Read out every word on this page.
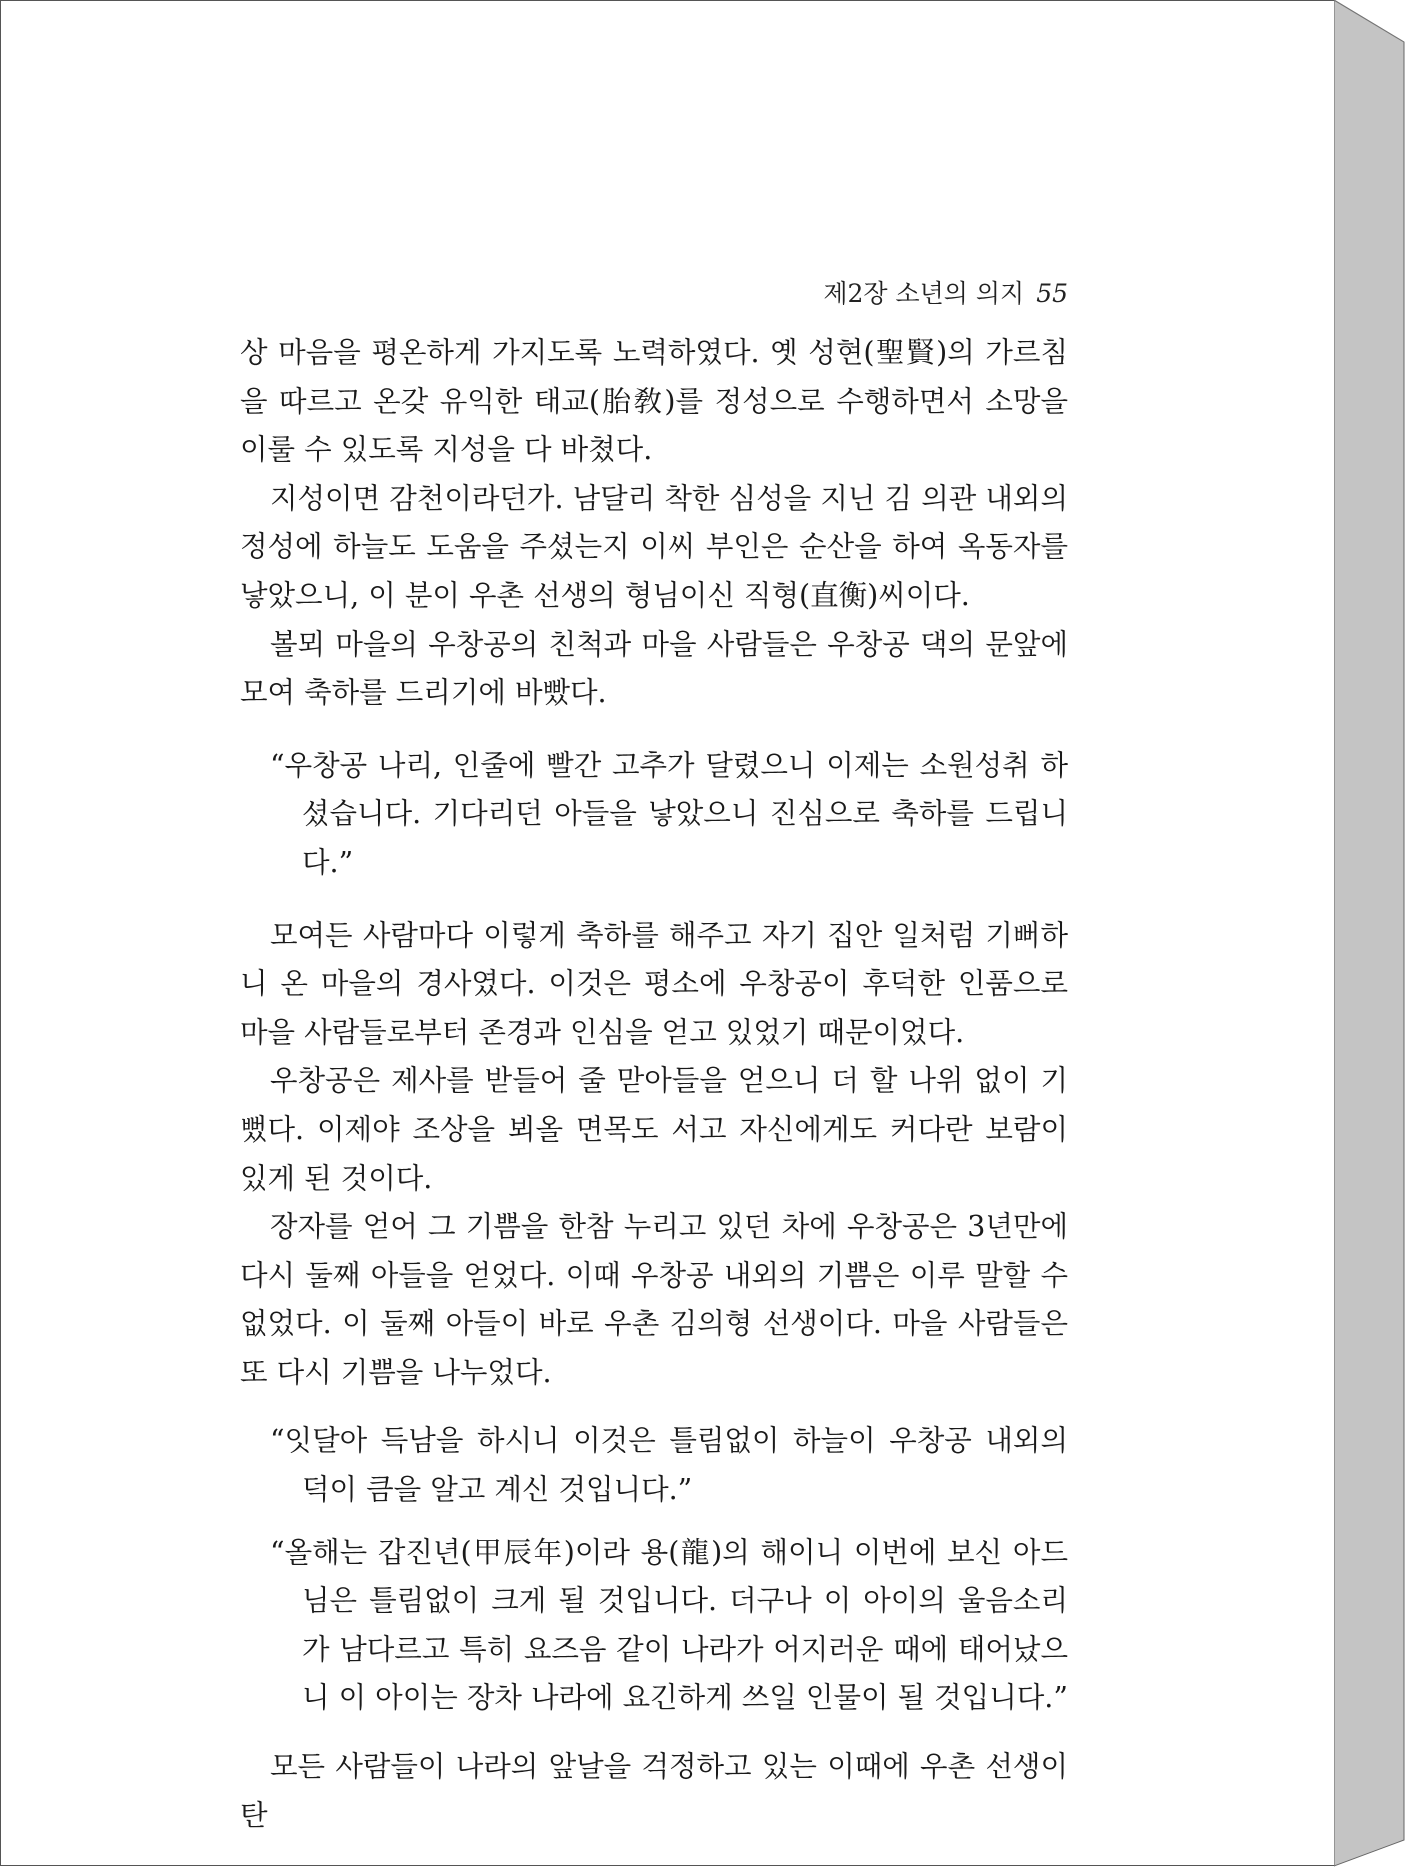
제2장 소년의 의지 55

상 마음을 평온하게 가지도록 노력하였다. 옛 성현(聖賢)의 가르침을 따르고 온갖 유익한 태교(胎敎)를 정성으로 수행하면서 소망을 이룰 수 있도록 지성을 다 바쳤다.

지성이면 감천이라던가. 남달리 착한 심성을 지닌 김 의관 내외의 정성에 하늘도 도움을 주셨는지 이씨 부인은 순산을 하여 옥동자를 낳았으니, 이 분이 우촌 선생의 형님이신 직형(直衡)씨이다.

볼뫼 마을의 우창공의 친척과 마을 사람들은 우창공 댁의 문앞에 모여 축하를 드리기에 바빴다.

“우창공 나리, 인줄에 빨간 고추가 달렸으니 이제는 소원성취 하셨습니다. 기다리던 아들을 낳았으니 진심으로 축하를 드립니다.”

모여든 사람마다 이렇게 축하를 해주고 자기 집안 일처럼 기뻐하니 온 마을의 경사였다. 이것은 평소에 우창공이 후덕한 인품으로 마을 사람들로부터 존경과 인심을 얻고 있었기 때문이었다.

우창공은 제사를 받들어 줄 맏아들을 얻으니 더 할 나위 없이 기뻤다. 이제야 조상을 뵈올 면목도 서고 자신에게도 커다란 보람이 있게 된 것이다.

장자를 얻어 그 기쁨을 한참 누리고 있던 차에 우창공은 3년만에 다시 둘째 아들을 얻었다. 이때 우창공 내외의 기쁨은 이루 말할 수 없었다. 이 둘째 아들이 바로 우촌 김의형 선생이다. 마을 사람들은 또 다시 기쁨을 나누었다.

“잇달아 득남을 하시니 이것은 틀림없이 하늘이 우창공 내외의 덕이 큼을 알고 계신 것입니다.”

“올해는 갑진년(甲辰年)이라 용(龍)의 해이니 이번에 보신 아드님은 틀림없이 크게 될 것입니다. 더구나 이 아이의 울음소리가 남다르고 특히 요즈음 같이 나라가 어지러운 때에 태어났으니 이 아이는 장차 나라에 요긴하게 쓰일 인물이 될 것입니다.”

모든 사람들이 나라의 앞날을 걱정하고 있는 이때에 우촌 선생이 탄
